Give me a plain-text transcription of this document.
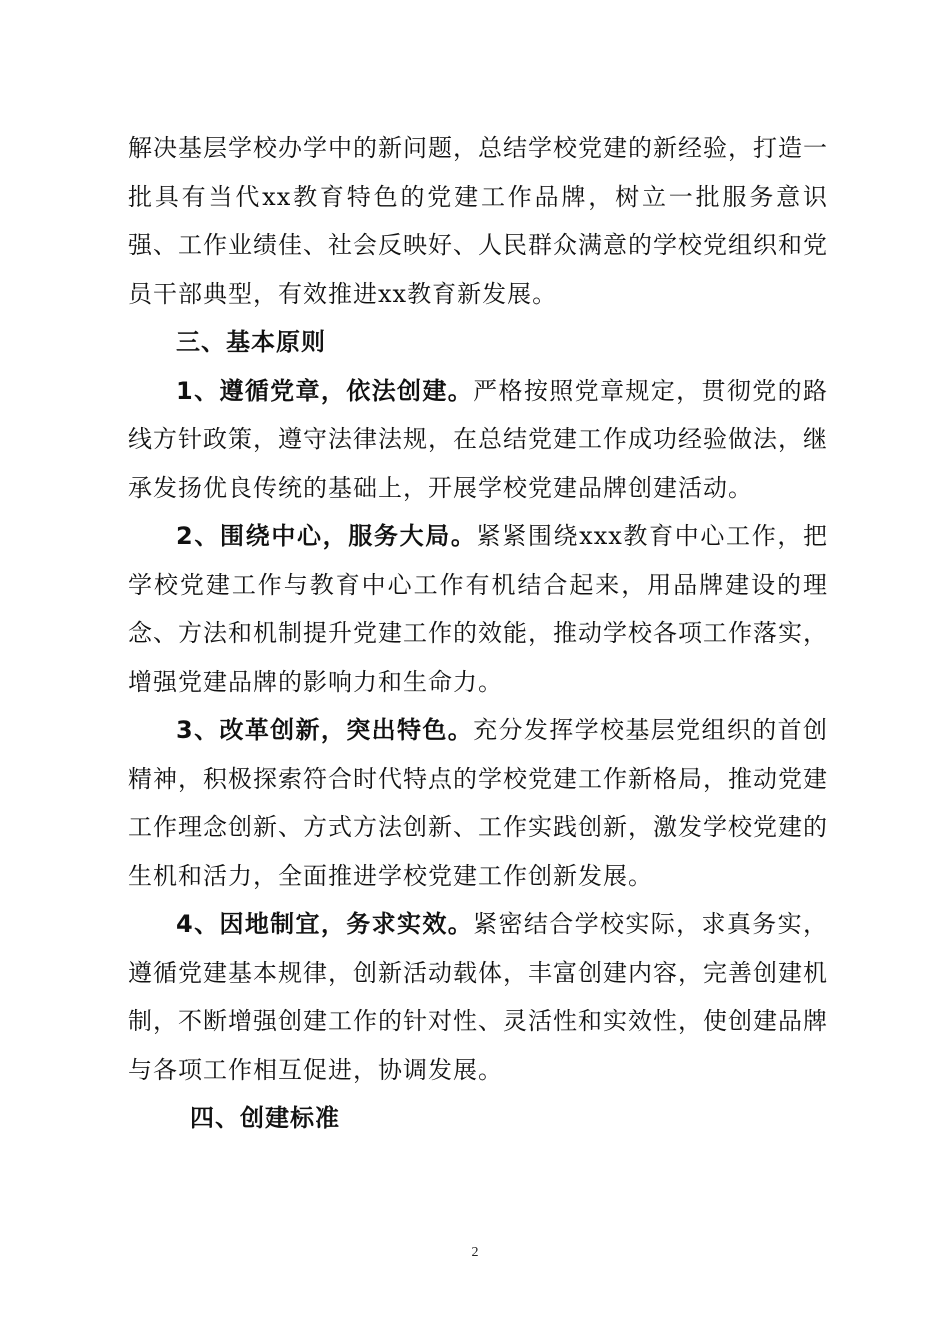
解决基层学校办学中的新问题，总结学校党建的新经验，打造一批具有当代xx教育特色的党建工作品牌，树立一批服务意识强、工作业绩佳、社会反映好、人民群众满意的学校党组织和党员干部典型，有效推进xx教育新发展。

三、基本原则

1、遵循党章，依法创建。严格按照党章规定，贯彻党的路线方针政策，遵守法律法规，在总结党建工作成功经验做法，继承发扬优良传统的基础上，开展学校党建品牌创建活动。

2、围绕中心，服务大局。紧紧围绕xxx教育中心工作，把学校党建工作与教育中心工作有机结合起来，用品牌建设的理念、方法和机制提升党建工作的效能，推动学校各项工作落实，增强党建品牌的影响力和生命力。

3、改革创新，突出特色。充分发挥学校基层党组织的首创精神，积极探索符合时代特点的学校党建工作新格局，推动党建工作理念创新、方式方法创新、工作实践创新，激发学校党建的生机和活力，全面推进学校党建工作创新发展。

4、因地制宜，务求实效。紧密结合学校实际，求真务实，遵循党建基本规律，创新活动载体，丰富创建内容，完善创建机制，不断增强创建工作的针对性、灵活性和实效性，使创建品牌与各项工作相互促进，协调发展。

四、创建标准

2
